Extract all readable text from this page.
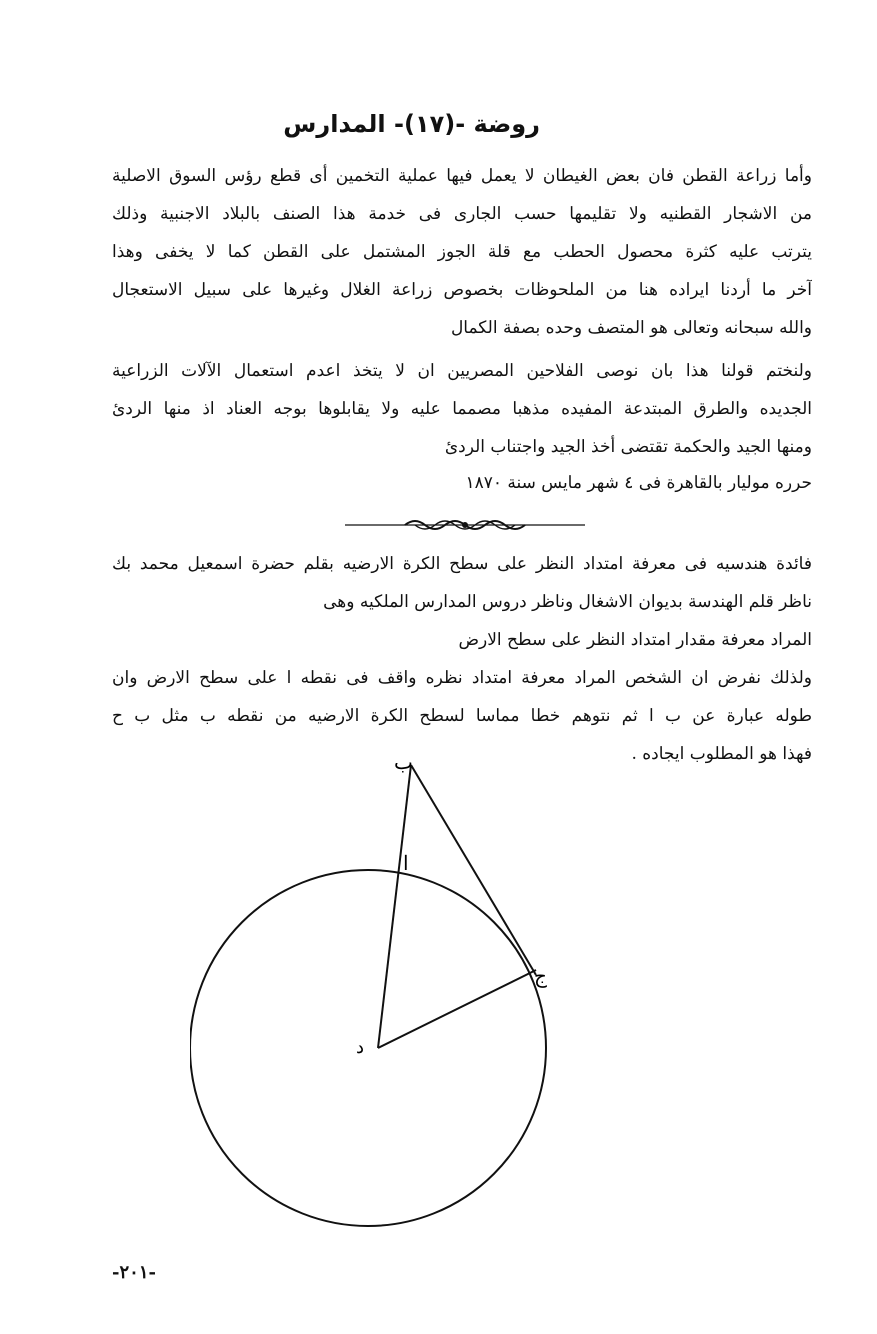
روضة -(١٧)- المدارس
وأما زراعة القطن فان بعض الغيطان لا يعمل فيها عملية التخمين أى قطع رؤس السوق الاصلية
من الاشجار القطنيه ولا تقليمها حسب الجارى فى خدمة هذا الصنف بالبلاد الاجنبية وذلك
يترتب عليه كثرة محصول الحطب مع قلة الجوز المشتمل على القطن كما لا يخفى وهذا
آخر ما أردنا ايراده هنا من الملحوظات بخصوص زراعة الغلال وغيرها على سبيل الاستعجال
والله سبحانه وتعالى هو المتصف وحده بصفة الكمال
ولنختم قولنا هذا بان نوصى الفلاحين المصريين ان لا يتخذ اعدم استعمال الآلات الزراعية
الجديده والطرق المبتدعة المفيده مذهبا مصمما عليه ولا يقابلوها بوجه العناد اذ منها الردئ
ومنها الجيد والحكمة تقتضى أخذ الجيد واجتناب الردئ
حرره موليار بالقاهرة فى ٤ شهر مايس سنة ١٨٧٠
فائدة هندسيه فى معرفة امتداد النظر على سطح الكرة الارضيه بقلم حضرة اسمعيل محمد بك
ناظر قلم الهندسة بديوان الاشغال وناظر دروس المدارس الملكيه وهى
المراد معرفة مقدار امتداد النظر على سطح الارض
ولذلك نفرض ان الشخص المراد معرفة امتداد نظره واقف فى نقطه ا على سطح الارض وان
طوله عبارة عن ب ا ثم نتوهم خطا مماسا لسطح الكرة الارضيه من نقطه ب مثل ب ح
فهذا هو المطلوب ايجاده .
ب
ا
ج
د
-٢٠١-
